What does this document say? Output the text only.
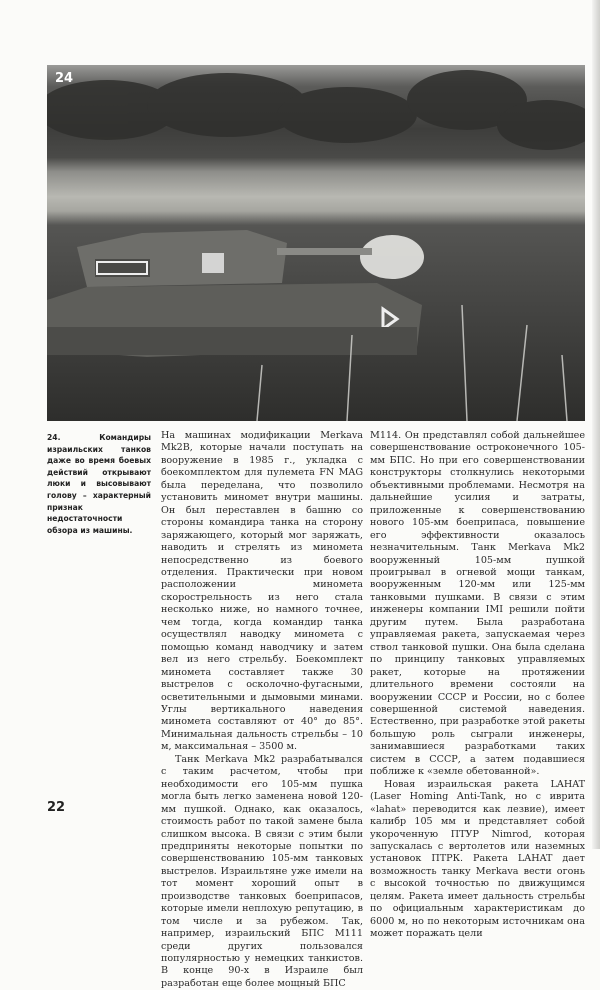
24
24. Командиры израильских танков даже во время боевых действий открывают люки и высовывают голову – характерный признак недостаточности обзора из машины.

На машинах модификации Merkava Mk2B, которые начали поступать на вооружение в 1985 г., укладка с боекомплектом для пулемета FN MAG была переделана, что позволило установить миномет внутри машины. Он был переставлен в башню со стороны командира танка на сторону заряжающего, который мог заряжать, наводить и стрелять из миномета непосредственно из боевого отделения. Практически при новом расположении миномета скорострельность из него стала несколько ниже, но намного точнее, чем тогда, когда командир танка осуществлял наводку миномета с помощью команд наводчику и затем вел из него стрельбу. Боекомплект миномета составляет также 30 выстрелов с осколочно-фугасными, осветительными и дымовыми минами. Углы вертикального наведения миномета составляют от 40° до 85°. Минимальная дальность стрельбы – 10 м, максимальная – 3500 м.

Танк Merkava Mk2 разрабатывался с таким расчетом, чтобы при необходимости его 105-мм пушка могла быть легко заменена новой 120-мм пушкой. Однако, как оказалось, стоимость работ по такой замене была слишком высока. В связи с этим были предприняты некоторые попытки по совершенствованию 105-мм танковых выстрелов. Израильтяне уже имели на тот момент хороший опыт в производстве танковых боеприпасов, которые имели неплохую репутацию, в том числе и за рубежом. Так, например, израильский БПС М111 среди других пользовался популярностью у немецких танкистов. В конце 90-х в Израиле был разработан еще более мощный БПС

М114. Он представлял собой дальнейшее совершенствование остроконечного 105-мм БПС. Но при его совершенствовании конструкторы столкнулись некоторыми объективными проблемами. Несмотря на дальнейшие усилия и затраты, приложенные к совершенствованию нового 105-мм боеприпаса, повышение его эффективности оказалось незначительным. Танк Merkava Mk2 вооруженный 105-мм пушкой проигрывал в огневой мощи танкам, вооруженным 120-мм или 125-мм танковыми пушками. В связи с этим инженеры компании IMI решили пойти другим путем. Была разработана управляемая ракета, запускаемая через ствол танковой пушки. Она была сделана по принципу танковых управляемых ракет, которые на протяжении длительного времени состояли на вооружении СССР и России, но с более совершенной системой наведения. Естественно, при разработке этой ракеты большую роль сыграли инженеры, занимавшиеся разработками таких систем в СССР, а затем подавшиеся поближе к «земле обетованной».

Новая израильская ракета LAHAT (Laser Homing Anti-Tank, но с иврита «lahat» переводится как лезвие), имеет калибр 105 мм и представляет собой укороченную ПТУР Nimrod, которая запускалась с вертолетов или наземных установок ПТРК. Ракета LAHAT дает возможность танку Merkava вести огонь с высокой точностью по движущимся целям. Ракета имеет дальность стрельбы по официальным характеристикам до 6000 м, но по некоторым источникам она может поражать цели

22
